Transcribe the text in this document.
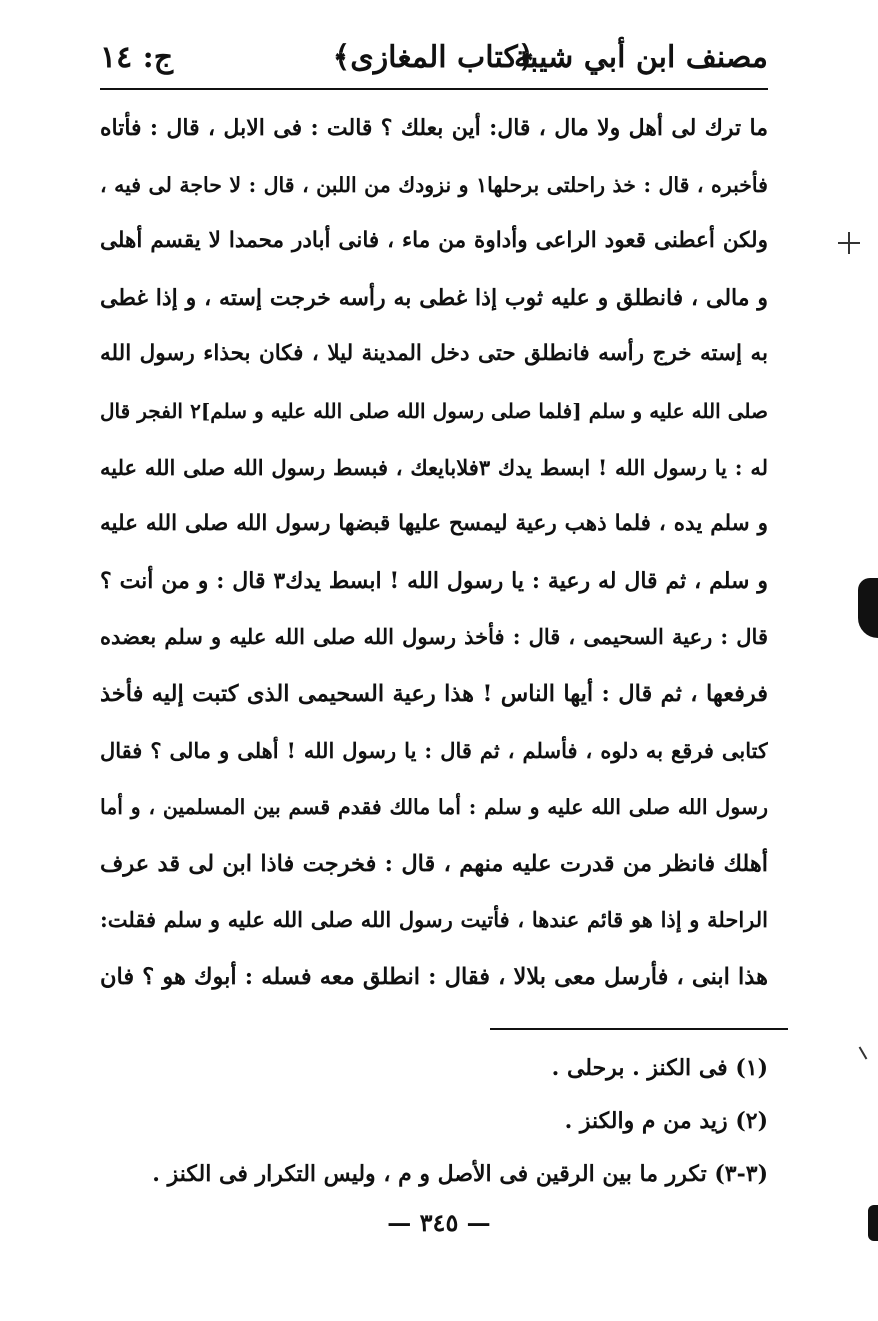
مصنف ابن أبي شيبة
﴿كتاب المغازى﴾
ج: ١٤
ما ترك لى أهل ولا مال ، قال: أين بعلك ؟ قالت : فى الابل ، قال : فأتاه
فأخبره ، قال : خذ راحلتى برحلها١ و نزودك من اللبن ، قال : لا حاجة لى فيه ،
ولكن أعطنى قعود الراعى وأداوة من ماء ، فانى أبادر محمدا لا يقسم أهلى
و مالى ، فانطلق و عليه ثوب إذا غطى به رأسه خرجت إسته ، و إذا غطى
به إسته خرج رأسه فانطلق حتى دخل المدينة ليلا ، فكان بحذاء رسول الله
صلى الله عليه و سلم [فلما صلى رسول الله صلى الله عليه و سلم]٢ الفجر قال
له : يا رسول الله ! ابسط يدك ٣فلابايعك ، فبسط رسول الله صلى الله عليه
و سلم يده ، فلما ذهب رعية ليمسح عليها قبضها رسول الله صلى الله عليه
و سلم ، ثم قال له رعية : يا رسول الله ! ابسط يدك٣ قال : و من أنت ؟
قال : رعية السحيمى ، قال : فأخذ رسول الله صلى الله عليه و سلم بعضده
فرفعها ، ثم قال : أيها الناس ! هذا رعية السحيمى الذى كتبت إليه فأخذ
كتابى فرقع به دلوه ، فأسلم ، ثم قال : يا رسول الله ! أهلى و مالى ؟ فقال
رسول الله صلى الله عليه و سلم : أما مالك فقدم قسم بين المسلمين ، و أما
أهلك فانظر من قدرت عليه منهم ، قال : فخرجت فاذا ابن لى قد عرف
الراحلة و إذا هو قائم عندها ، فأتيت رسول الله صلى الله عليه و سلم فقلت:
هذا ابنى ، فأرسل معى بلالا ، فقال : انطلق معه فسله : أبوك هو ؟ فان
(١) فى الكنز . برحلى .
(٢) زيد من م والكنز .
(٣-٣) تكرر ما بين الرقين فى الأصل و م ، وليس التكرار فى الكنز .
— ٣٤٥ —
